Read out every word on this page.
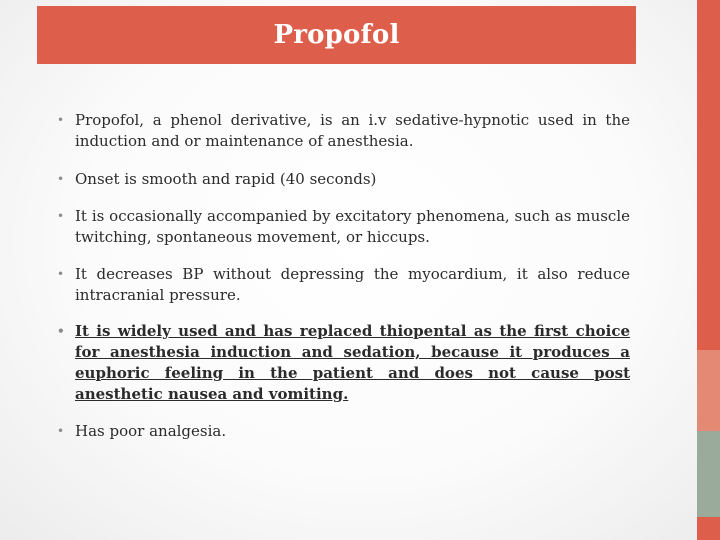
Propofol
• Propofol, a phenol derivative, is an i.v sedative-hypnotic used in the induction and or maintenance of anesthesia.
• Onset is smooth and rapid (40 seconds)
• It is occasionally accompanied by excitatory phenomena, such as muscle twitching, spontaneous movement, or hiccups.
• It decreases BP without depressing the myocardium, it also reduce intracranial pressure.
• It is widely used and has replaced thiopental as the first choice for anesthesia induction and sedation, because it produces a euphoric feeling in the patient and does not cause post anesthetic nausea and vomiting.
• Has poor analgesia.
